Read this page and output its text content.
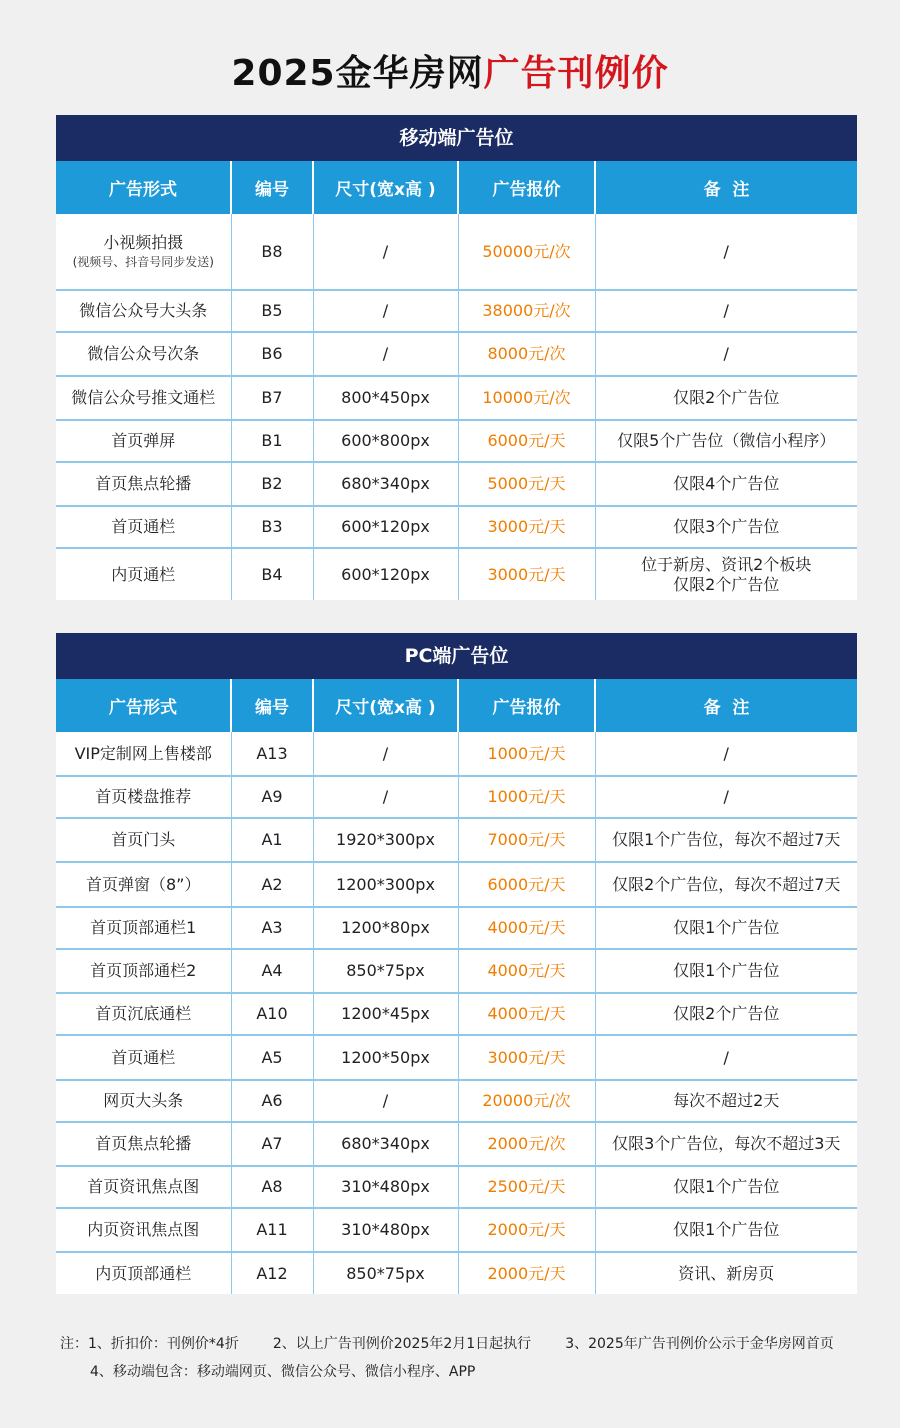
2025金华房网广告刊例价
移动端广告位
广告形式	编号	尺寸(宽x高 )	广告报价	备  注
小视频拍摄
(视频号、抖音号同步发送)	B8	/	50000元/次	/
微信公众号大头条	B5	/	38000元/次	/
微信公众号次条	B6	/	8000元/次	/
微信公众号推文通栏	B7	800*450px	10000元/次	仅限2个广告位
首页弹屏	B1	600*800px	6000元/天	仅限5个广告位（微信小程序）
首页焦点轮播	B2	680*340px	5000元/天	仅限4个广告位
首页通栏	B3	600*120px	3000元/天	仅限3个广告位
内页通栏	B4	600*120px	3000元/天	位于新房、资讯2个板块
仅限2个广告位
PC端广告位
广告形式	编号	尺寸(宽x高 )	广告报价	备  注
VIP定制网上售楼部	A13	/	1000元/天	/
首页楼盘推荐	A9	/	1000元/天	/
首页门头	A1	1920*300px	7000元/天	仅限1个广告位，每次不超过7天
首页弹窗（8”）	A2	1200*300px	6000元/天	仅限2个广告位，每次不超过7天
首页顶部通栏1	A3	1200*80px	4000元/天	仅限1个广告位
首页顶部通栏2	A4	850*75px	4000元/天	仅限1个广告位
首页沉底通栏	A10	1200*45px	4000元/天	仅限2个广告位
首页通栏	A5	1200*50px	3000元/天	/
网页大头条	A6	/	20000元/次	每次不超过2天
首页焦点轮播	A7	680*340px	2000元/次	仅限3个广告位，每次不超过3天
首页资讯焦点图	A8	310*480px	2500元/天	仅限1个广告位
内页资讯焦点图	A11	310*480px	2000元/天	仅限1个广告位
内页顶部通栏	A12	850*75px	2000元/天	资讯、新房页
注：1、折扣价：刊例价*4折 2、以上广告刊例价2025年2月1日起执行 3、2025年广告刊例价公示于金华房网首页
4、移动端包含：移动端网页、微信公众号、微信小程序、APP
